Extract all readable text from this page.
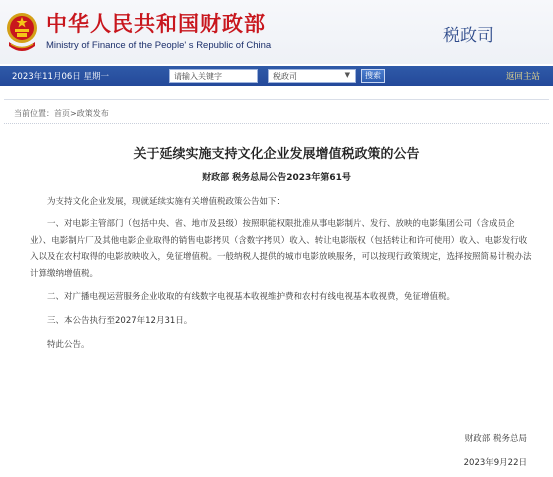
中华人民共和国财政部
Ministry of Finance of the People' s Republic of China	税政司
2023年11月06日 星期一	请输入关键字	税政司	▼	搜索	返回主站
当前位置：首页>政策发布
关于延续实施支持文化企业发展增值税政策的公告
财政部 税务总局公告2023年第61号
为支持文化企业发展，现就延续实施有关增值税政策公告如下：
一、对电影主管部门（包括中央、省、地市及县级）按照职能权限批准从事电影制片、发行、放映的电影集团公司（含成员企业）、电影制片厂及其他电影企业取得的销售电影拷贝（含数字拷贝）收入、转让电影版权（包括转让和许可使用）收入、电影发行收入以及在农村取得的电影放映收入，免征增值税。一般纳税人提供的城市电影放映服务，可以按现行政策规定，选择按照简易计税办法计算缴纳增值税。
二、对广播电视运营服务企业收取的有线数字电视基本收视维护费和农村有线电视基本收视费，免征增值税。
三、本公告执行至2027年12月31日。
特此公告。
财政部 税务总局
2023年9月22日
